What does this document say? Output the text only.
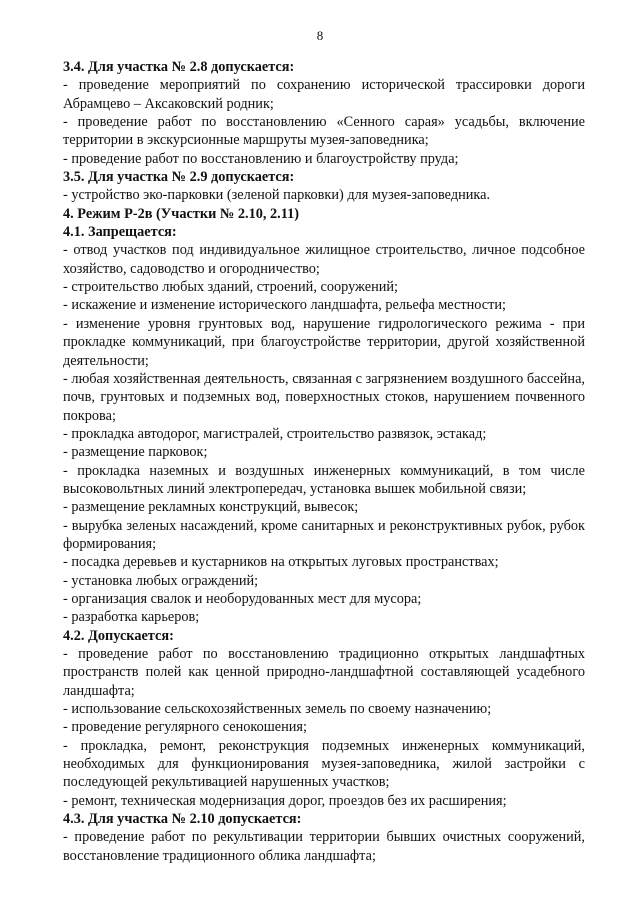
8

3.4. Для участка № 2.8 допускается:

- проведение мероприятий по сохранению исторической трассировки дороги Абрамцево – Аксаковский родник;

- проведение работ по восстановлению «Сенного сарая» усадьбы, включение территории в экскурсионные маршруты музея-заповедника;

- проведение работ по восстановлению и благоустройству пруда;

3.5. Для участка № 2.9 допускается:

- устройство эко-парковки (зеленой парковки) для музея-заповедника.

4. Режим Р-2в (Участки № 2.10, 2.11)

4.1. Запрещается:

- отвод участков под индивидуальное жилищное строительство, личное подсобное хозяйство, садоводство и огородничество;

- строительство любых зданий, строений, сооружений;

- искажение и изменение исторического ландшафта, рельефа местности;

- изменение уровня грунтовых вод, нарушение гидрологического режима - при прокладке коммуникаций, при благоустройстве территории, другой хозяйственной деятельности;

- любая хозяйственная деятельность, связанная с загрязнением воздушного бассейна, почв, грунтовых и подземных вод, поверхностных стоков, нарушением почвенного покрова;

- прокладка автодорог, магистралей, строительство развязок, эстакад;

- размещение парковок;

- прокладка наземных и воздушных инженерных коммуникаций, в том числе высоковольтных линий электропередач, установка вышек мобильной связи;

- размещение рекламных конструкций, вывесок;

- вырубка зеленых насаждений, кроме санитарных и реконструктивных рубок, рубок формирования;

- посадка деревьев и кустарников на открытых луговых пространствах;

- установка любых ограждений;

- организация свалок и необорудованных мест для мусора;

- разработка карьеров;

4.2. Допускается:

- проведение работ по восстановлению традиционно открытых ландшафтных пространств полей как ценной природно-ландшафтной составляющей усадебного ландшафта;

- использование сельскохозяйственных земель по своему назначению;

- проведение регулярного сенокошения;

- прокладка, ремонт, реконструкция подземных инженерных коммуникаций, необходимых для функционирования музея-заповедника, жилой застройки с последующей рекультивацией нарушенных участков;

- ремонт, техническая модернизация дорог, проездов без их расширения;

4.3. Для участка № 2.10 допускается:

- проведение работ по рекультивации территории бывших очистных сооружений, восстановление традиционного облика ландшафта;
